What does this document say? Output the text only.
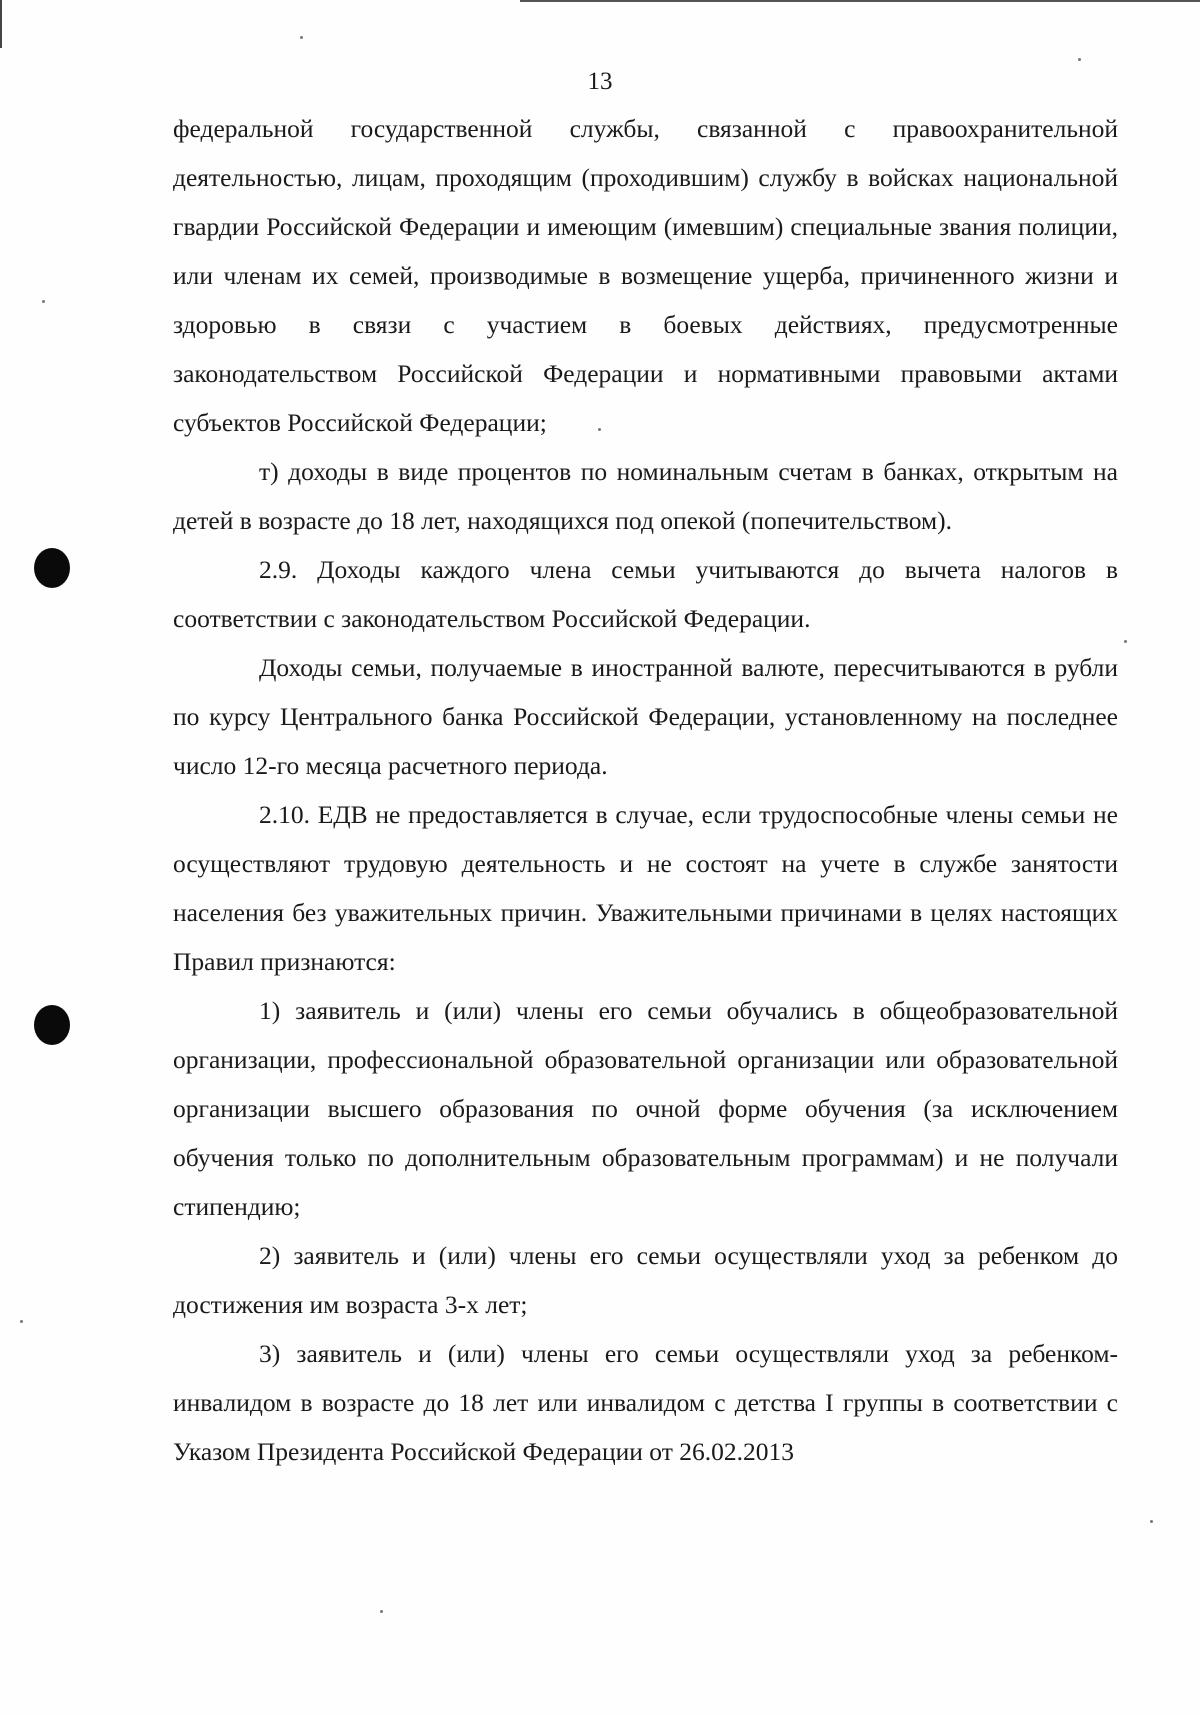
13

федеральной государственной службы, связанной с правоохранительной деятельностью, лицам, проходящим (проходившим) службу в войсках национальной гвардии Российской Федерации и имеющим (имевшим) специальные звания полиции, или членам их семей, производимые в возмещение ущерба, причиненного жизни и здоровью в связи с участием в боевых действиях, предусмотренные законодательством Российской Федерации и нормативными правовыми актами субъектов Российской Федерации;

т) доходы в виде процентов по номинальным счетам в банках, открытым на детей в возрасте до 18 лет, находящихся под опекой (попечительством).

2.9. Доходы каждого члена семьи учитываются до вычета налогов в соответствии с законодательством Российской Федерации.

Доходы семьи, получаемые в иностранной валюте, пересчитываются в рубли по курсу Центрального банка Российской Федерации, установленному на последнее число 12-го месяца расчетного периода.

2.10. ЕДВ не предоставляется в случае, если трудоспособные члены семьи не осуществляют трудовую деятельность и не состоят на учете в службе занятости населения без уважительных причин. Уважительными причинами в целях настоящих Правил признаются:

1) заявитель и (или) члены его семьи обучались в общеобразовательной организации, профессиональной образовательной организации или образовательной организации высшего образования по очной форме обучения (за исключением обучения только по дополнительным образовательным программам) и не получали стипендию;

2) заявитель и (или) члены его семьи осуществляли уход за ребенком до достижения им возраста 3-х лет;

3) заявитель и (или) члены его семьи осуществляли уход за ребенком-инвалидом в возрасте до 18 лет или инвалидом с детства I группы в соответствии с Указом Президента Российской Федерации от 26.02.2013
